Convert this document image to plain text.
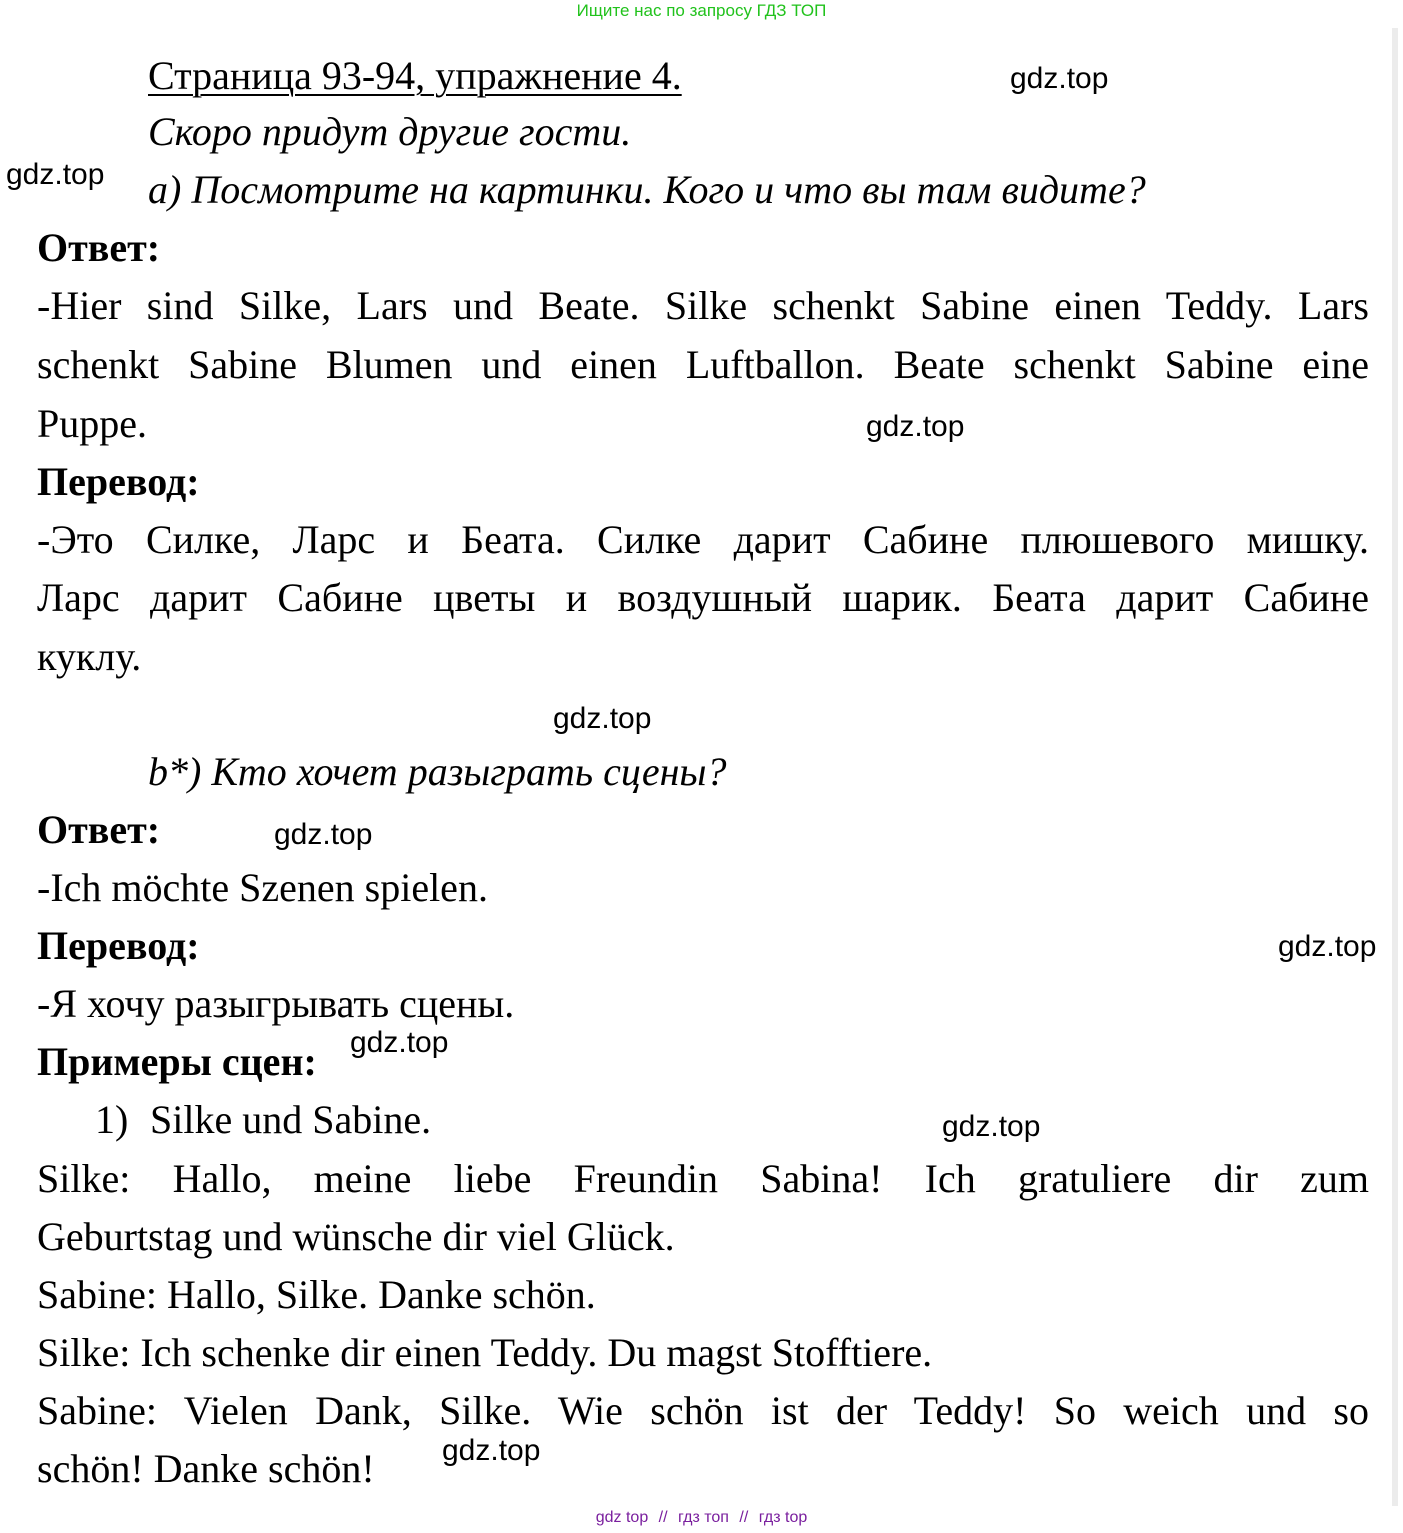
Ищите нас по запросу ГДЗ ТОП
Страница 93-94, упражнение 4.
Скоро придут другие гости.
a) Посмотрите на картинки. Кого и что вы там видите?
Ответ:
-Hier sind Silke, Lars und Beate. Silke schenkt Sabine einen Teddy. Lars
schenkt Sabine Blumen und einen Luftballon. Beate schenkt Sabine eine
Puppe.
Перевод:
-Это Силке, Ларс и Беата. Силке дарит Сабине плюшевого мишку.
Ларс дарит Сабине цветы и воздушный шарик. Беата дарит Сабине
куклу.
b*) Кто хочет разыграть сцены?
Ответ:
-Ich möchte Szenen spielen.
Перевод:
-Я хочу разыгрывать сцены.
Примеры сцен:
1) Silke und Sabine.
Silke: Hallo, meine liebe Freundin Sabina! Ich gratuliere dir zum
Geburtstag und wünsche dir viel Glück.
Sabine: Hallo, Silke. Danke schön.
Silke: Ich schenke dir einen Teddy. Du magst Stofftiere.
Sabine: Vielen Dank, Silke. Wie schön ist der Teddy! So weich und so
schön! Danke schön!
gdz.top
gdz.top
gdz.top
gdz.top
gdz.top
gdz.top
gdz.top
gdz.top
gdz.top
gdz top // гдз топ // гдз top
